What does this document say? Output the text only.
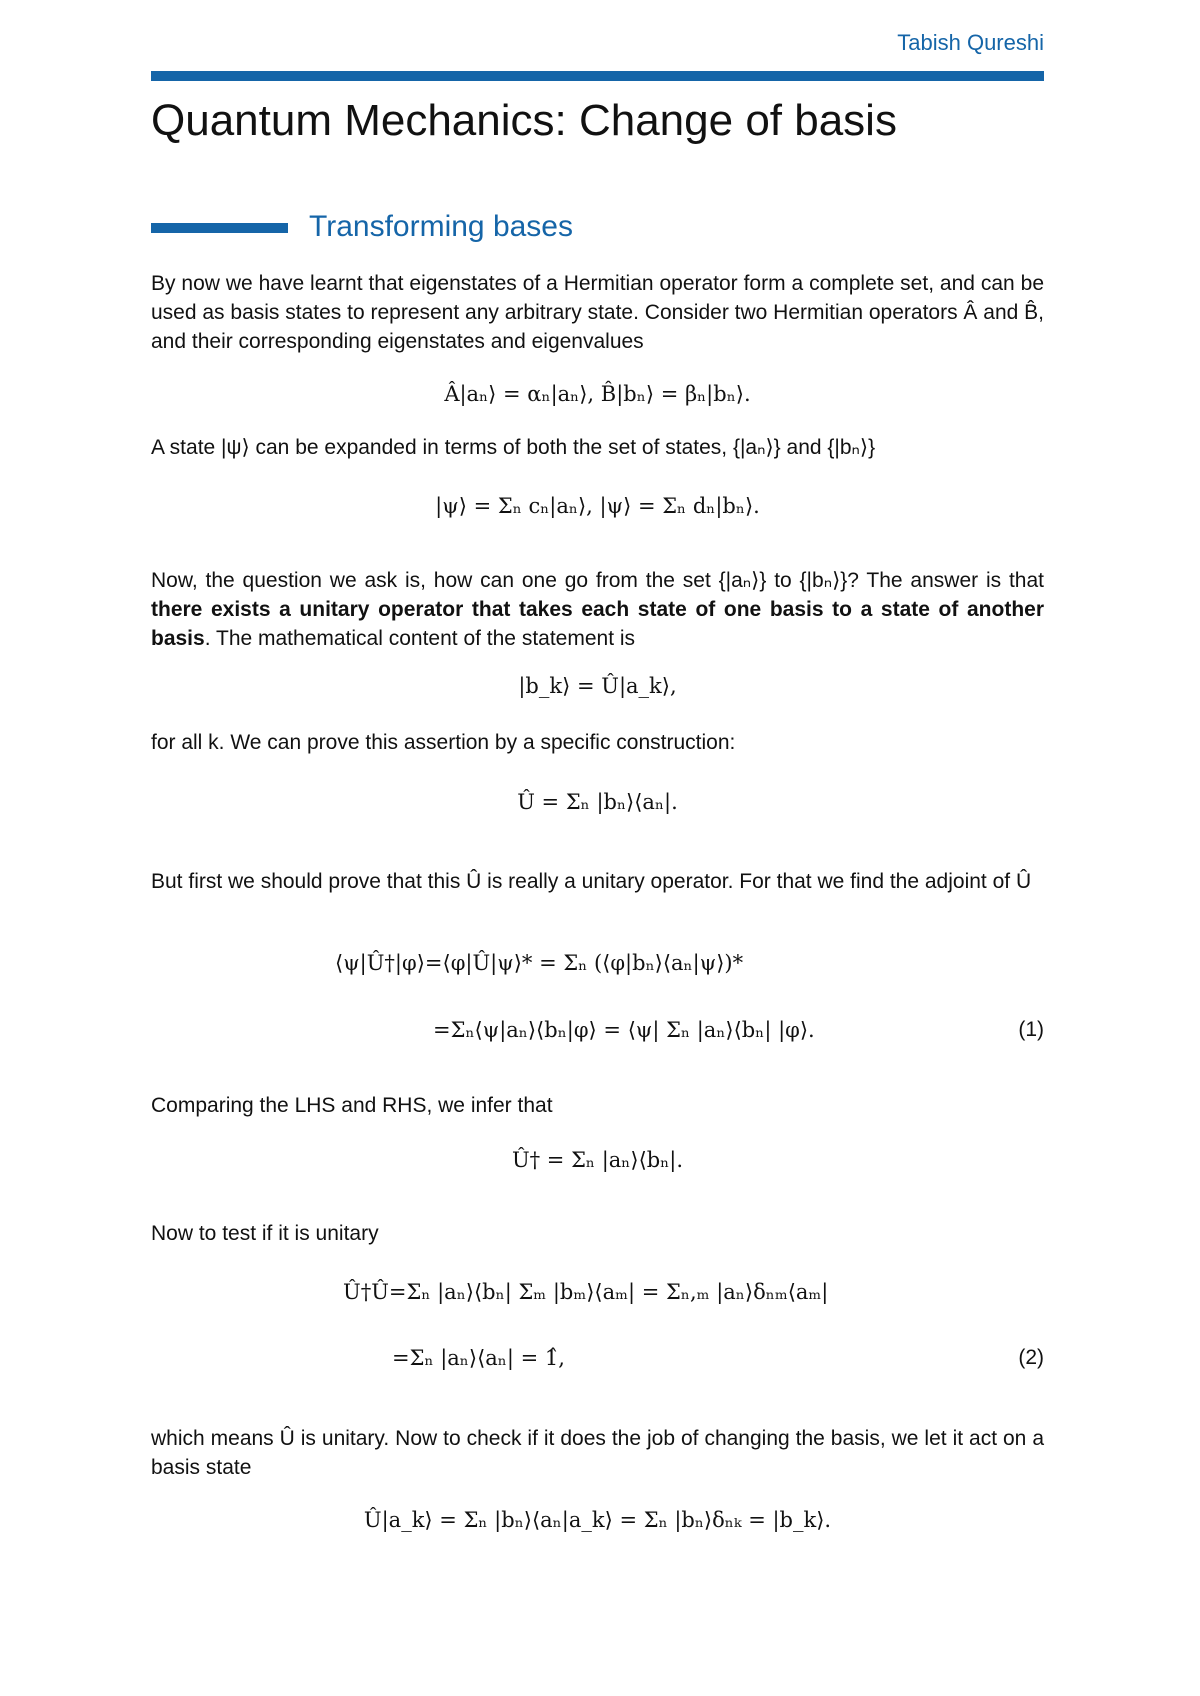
Tabish Qureshi
Quantum Mechanics: Change of basis
Transforming bases

By now we have learnt that eigenstates of a Hermitian operator form a complete set, and can be used as basis states to represent any arbitrary state. Consider two Hermitian operators Â and B̂, and their corresponding eigenstates and eigenvalues

Â|aₙ⟩ = αₙ|aₙ⟩, B̂|bₙ⟩ = βₙ|bₙ⟩.

A state |ψ⟩ can be expanded in terms of both the set of states, {|aₙ⟩} and {|bₙ⟩}

|ψ⟩ = Σₙ cₙ|aₙ⟩, |ψ⟩ = Σₙ dₙ|bₙ⟩.

Now, the question we ask is, how can one go from the set {|aₙ⟩} to {|bₙ⟩}? The answer is that there exists a unitary operator that takes each state of one basis to a state of another basis. The mathematical content of the statement is

|b_k⟩ = Û|a_k⟩,

for all k. We can prove this assertion by a specific construction:

Û = Σₙ |bₙ⟩⟨aₙ|.

But first we should prove that this Û is really a unitary operator. For that we find the adjoint of Û

⟨ψ|Û†|φ⟩=⟨φ|Û|ψ⟩* = Σₙ (⟨φ|bₙ⟩⟨aₙ|ψ⟩)*
=Σₙ⟨ψ|aₙ⟩⟨bₙ|φ⟩ = ⟨ψ| Σₙ |aₙ⟩⟨bₙ| |φ⟩.	(1)

Comparing the LHS and RHS, we infer that

Û† = Σₙ |aₙ⟩⟨bₙ|.

Now to test if it is unitary

Û†Û=Σₙ |aₙ⟩⟨bₙ| Σₘ |bₘ⟩⟨aₘ| = Σₙ,ₘ |aₙ⟩δₙₘ⟨aₘ|
=Σₙ |aₙ⟩⟨aₙ| = 1̂,	(2)

which means Û is unitary. Now to check if it does the job of changing the basis, we let it act on a basis state

Û|a_k⟩ = Σₙ |bₙ⟩⟨aₙ|a_k⟩ = Σₙ |bₙ⟩δₙₖ = |b_k⟩.
